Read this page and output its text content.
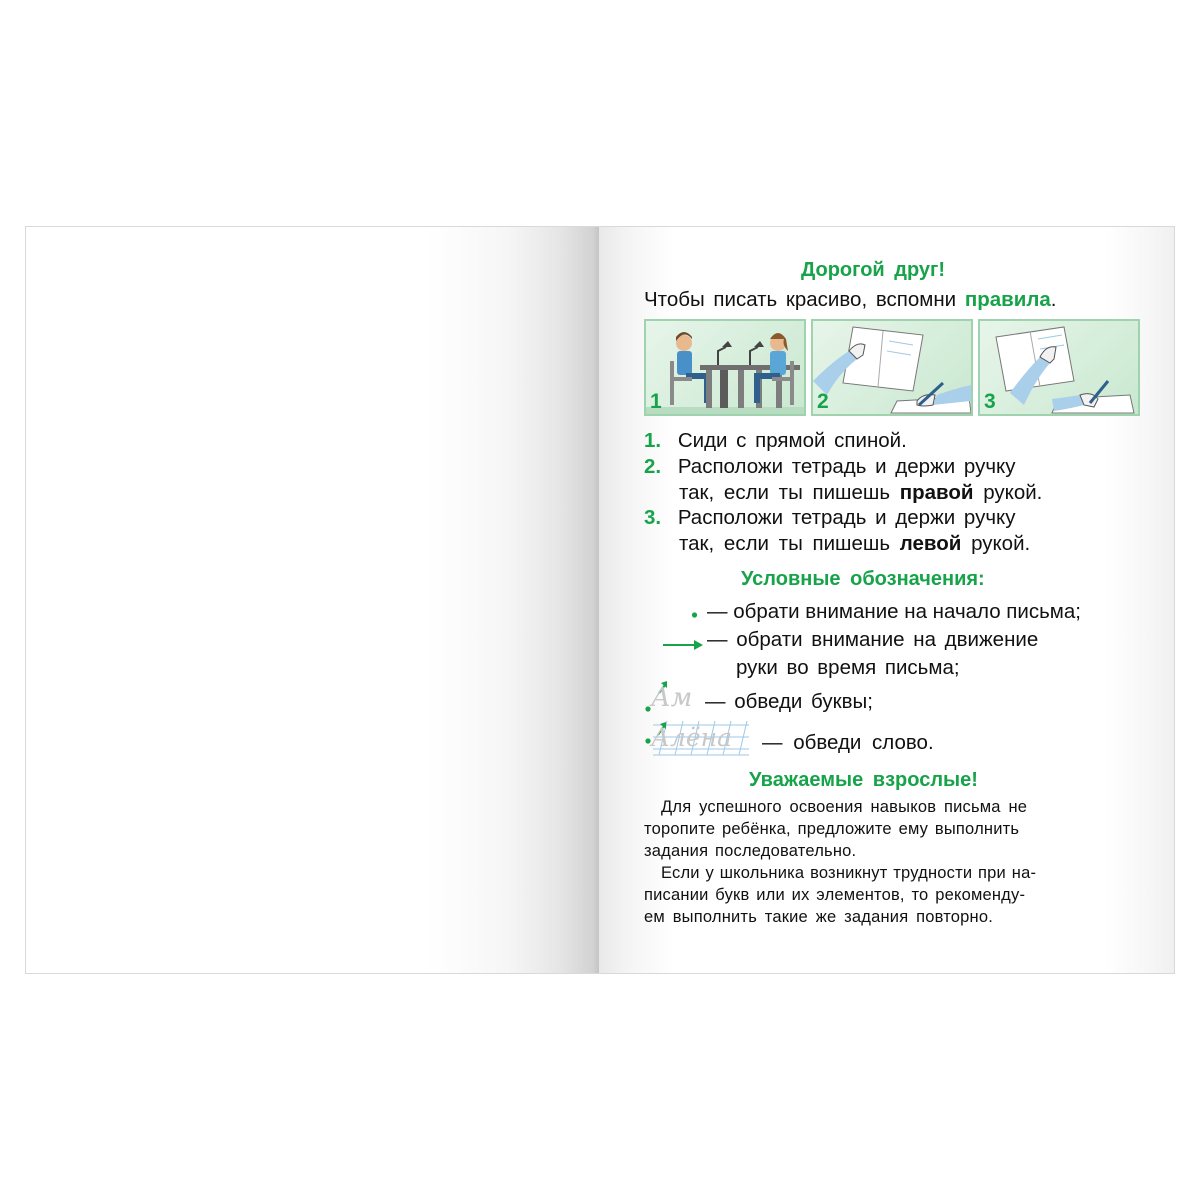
Дорогой друг!
Чтобы писать красиво, вспомни правила.
1	2	3
1. Сиди с прямой спиной.
2. Расположи тетрадь и держи ручку
так, если ты пишешь правой рукой.
3. Расположи тетрадь и держи ручку
так, если ты пишешь левой рукой.
Условные обозначения:
— обрати внимание на начало письма;
— обрати внимание на движение
руки во время письма;
Ам — обведи буквы;
Алёна — обведи слово.
Уважаемые взрослые!
Для успешного освоения навыков письма не
торопите ребёнка, предложите ему выполнить
задания последовательно.
Если у школьника возникнут трудности при на-
писании букв или их элементов, то рекоменду-
ем выполнить такие же задания повторно.
